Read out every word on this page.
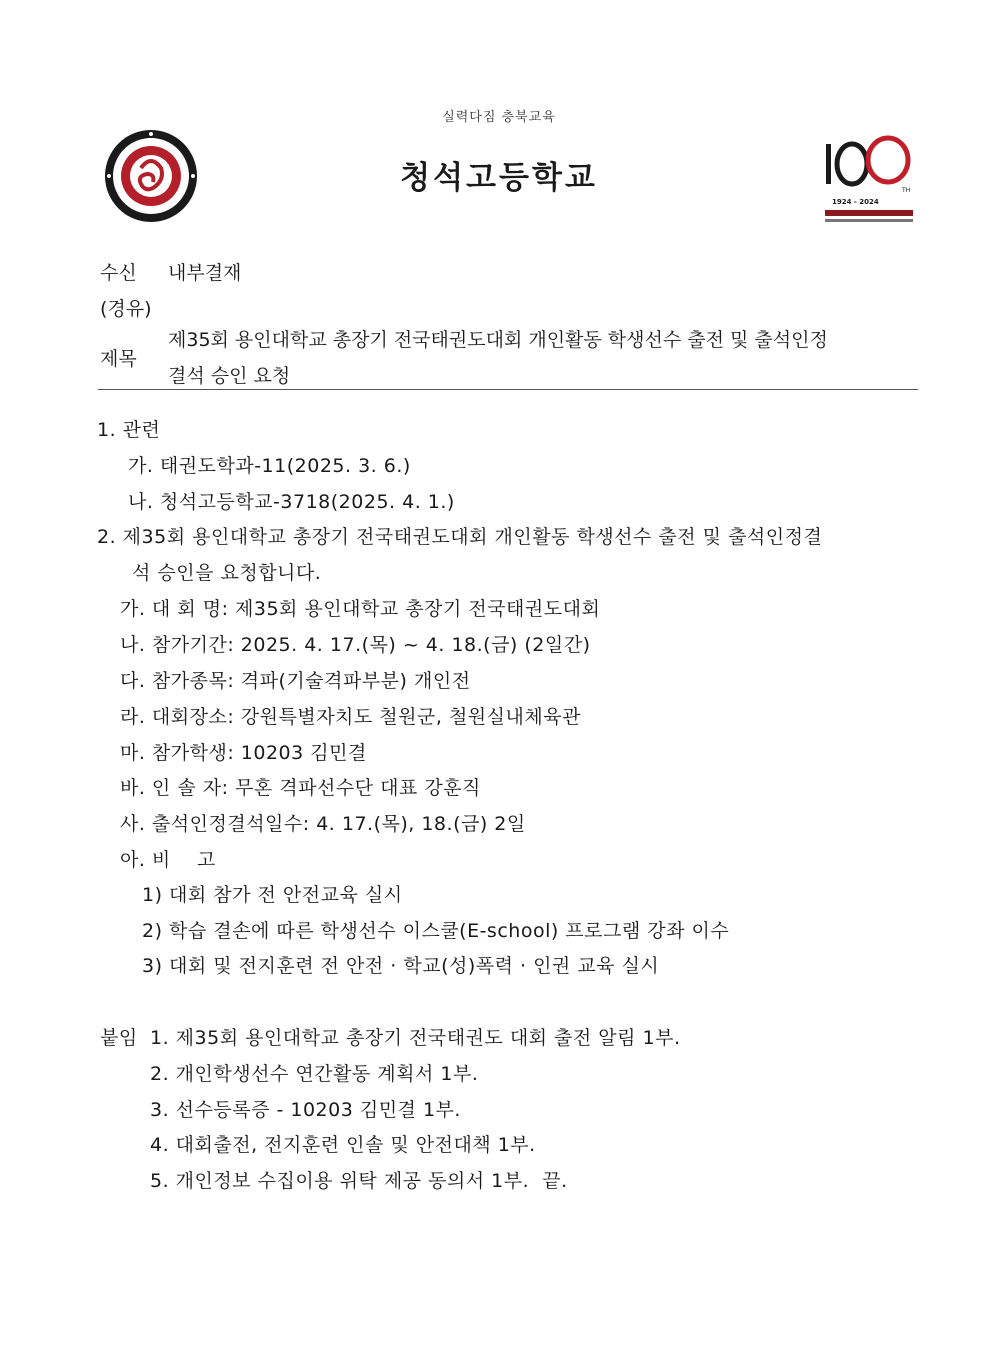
실력다짐 충북교육
청석고등학교	TH
1924 - 2024
수신 내부결재
(경유)
제목
제35회 용인대학교 총장기 전국태권도대회 개인활동 학생선수 출전 및 출석인정
결석 승인 요청
1. 관련
가. 태권도학과-11(2025. 3. 6.)
나. 청석고등학교-3718(2025. 4. 1.)
2. 제35회 용인대학교 총장기 전국태권도대회 개인활동 학생선수 출전 및 출석인정결
석 승인을 요청합니다.
가. 대 회 명: 제35회 용인대학교 총장기 전국태권도대회
나. 참가기간: 2025. 4. 17.(목) ~ 4. 18.(금) (2일간)
다. 참가종목: 격파(기술격파부분) 개인전
라. 대회장소: 강원특별자치도 철원군, 철원실내체육관
마. 참가학생: 10203 김민결
바. 인 솔 자: 무혼 격파선수단 대표 강훈직
사. 출석인정결석일수: 4. 17.(목), 18.(금) 2일
아. 비    고
1) 대회 참가 전 안전교육 실시
2) 학습 결손에 따른 학생선수 이스쿨(E-school) 프로그램 강좌 이수
3) 대회 및 전지훈련 전 안전 · 학교(성)폭력 · 인권 교육 실시
붙임 1. 제35회 용인대학교 총장기 전국태권도 대회 출전 알림 1부.
2. 개인학생선수 연간활동 계획서 1부.
3. 선수등록증 - 10203 김민결 1부.
4. 대회출전, 전지훈련 인솔 및 안전대책 1부.
5. 개인정보 수집이용 위탁 제공 동의서 1부.  끝.
